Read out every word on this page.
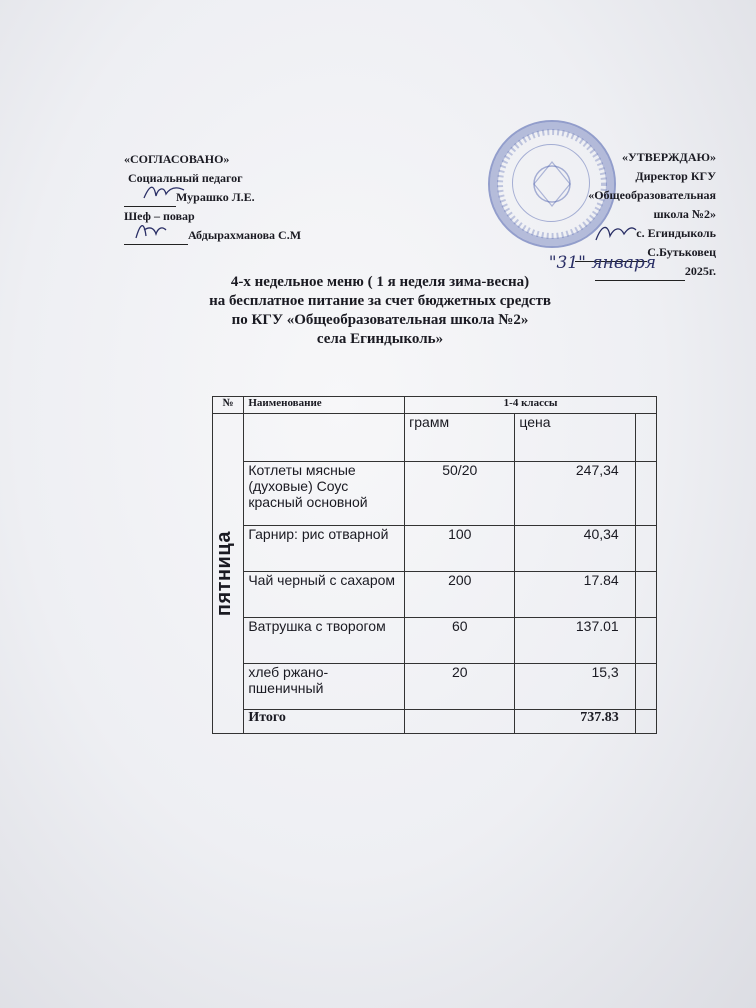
«СОГЛАСОВАНО»
Социальный педагог
Мурашко Л.Е.
Шеф – повар
Абдырахманова С.М
«УТВЕРЖДАЮ»
Директор КГУ
«Общеобразовательная
школа №2»
с. Егиндыколь
С.Бутьковец
"31" января 2025г.
4-х недельное меню ( 1 я неделя зима-весна)
на бесплатное питание за счет бюджетных средств
по КГУ «Общеобразовательная школа №2»
села Егиндыколь»
№	Наименование	1-4 классы		

пятница		грамм	цена	
	Котлеты мясные (духовые) Соус красный основной	50/20	247,34	
	Гарнир: рис отварной	100	40,34	
	Чай черный с сахаром	200	17.84	
	Ватрушка с творогом	60	137.01	
	хлеб ржано-пшеничный	20	15,3	
	Итого		737.83	
